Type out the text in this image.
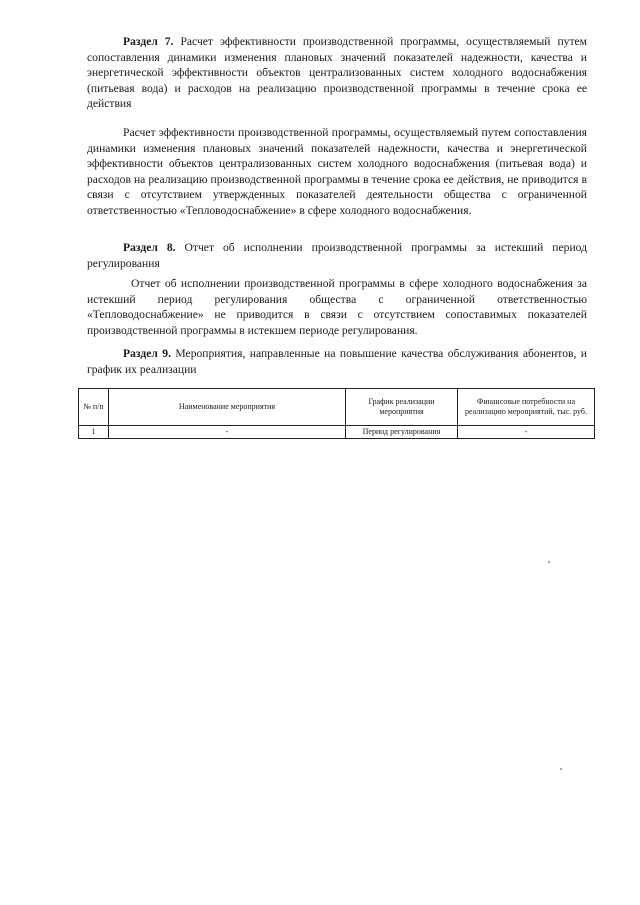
Раздел 7. Расчет эффективности производственной программы, осуществляемый путем сопоставления динамики изменения плановых значений показателей надежности, качества и энергетической эффективности объектов централизованных систем холодного водоснабжения (питьевая вода) и расходов на реализацию производственной программы в течение срока ее действия

Расчет эффективности производственной программы, осуществляемый путем сопоставления динамики изменения плановых значений показателей надежности, качества и энергетической эффективности объектов централизованных систем холодного водоснабжения (питьевая вода) и расходов на реализацию производственной программы в течение срока ее действия, не приводится в связи с отсутствием утвержденных показателей деятельности общества с ограниченной ответственностью «Тепловодоснабжение» в сфере холодного водоснабжения.

Раздел 8. Отчет об исполнении производственной программы за истекший период регулирования

Отчет об исполнении производственной программы в сфере холодного водоснабжения за истекший период регулирования общества с ограниченной ответственностью «Тепловодоснабжение» не приводится в связи с отсутствием сопоставимых показателей производственной программы в истекшем периоде регулирования.

Раздел 9. Мероприятия, направленные на повышение качества обслуживания абонентов, и график их реализации

№ п/п	Наименование мероприятия	График реализации мероприятия	Финансовые потребности на реализацию мероприятий, тыс. руб.
1	-	Период регулирования	-
